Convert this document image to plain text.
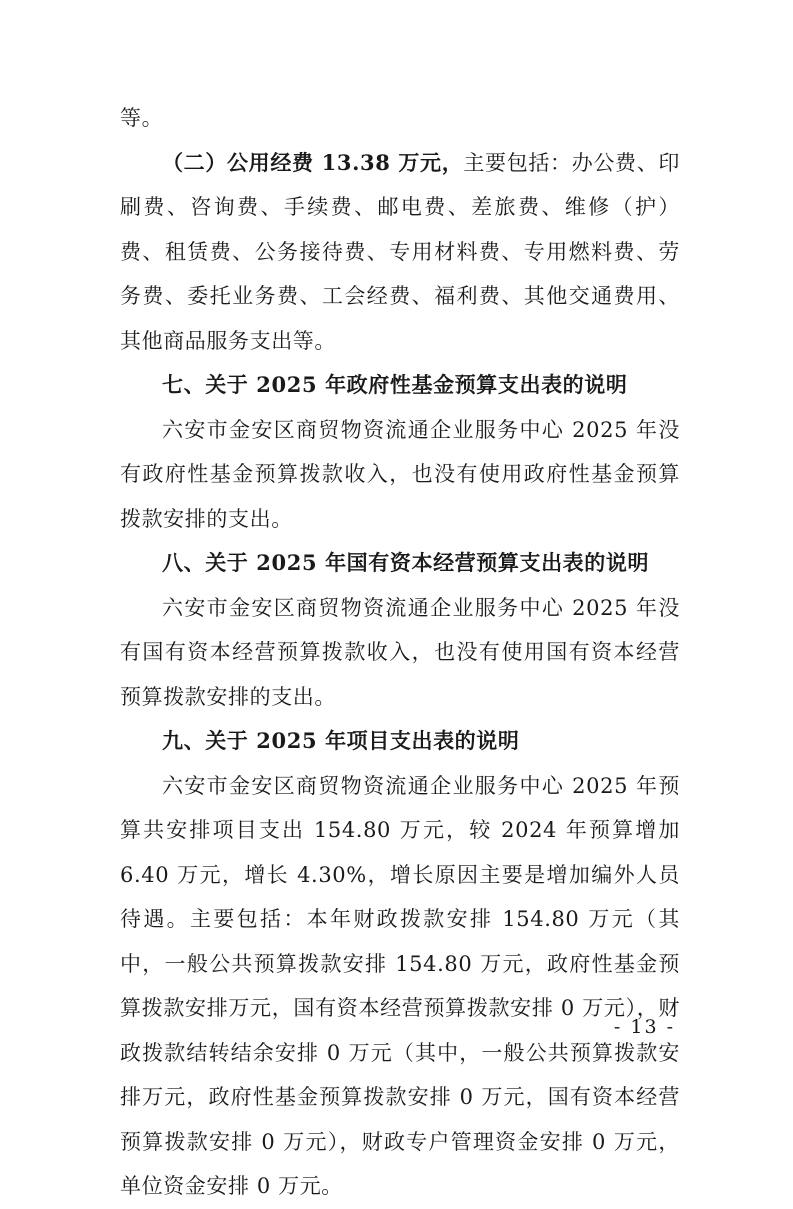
等。

（二）公用经费 13.38 万元，主要包括：办公费、印刷费、咨询费、手续费、邮电费、差旅费、维修（护）费、租赁费、公务接待费、专用材料费、专用燃料费、劳务费、委托业务费、工会经费、福利费、其他交通费用、其他商品服务支出等。

七、关于 2025 年政府性基金预算支出表的说明

六安市金安区商贸物资流通企业服务中心 2025 年没有政府性基金预算拨款收入，也没有使用政府性基金预算拨款安排的支出。

八、关于 2025 年国有资本经营预算支出表的说明

六安市金安区商贸物资流通企业服务中心 2025 年没有国有资本经营预算拨款收入，也没有使用国有资本经营预算拨款安排的支出。

九、关于 2025 年项目支出表的说明

六安市金安区商贸物资流通企业服务中心 2025 年预算共安排项目支出 154.80 万元，较 2024 年预算增加 6.40 万元，增长 4.30%，增长原因主要是增加编外人员待遇。主要包括：本年财政拨款安排 154.80 万元（其中，一般公共预算拨款安排 154.80 万元，政府性基金预算拨款安排万元，国有资本经营预算拨款安排 0 万元），财政拨款结转结余安排 0 万元（其中，一般公共预算拨款安排万元，政府性基金预算拨款安排 0 万元，国有资本经营预算拨款安排 0 万元），财政专户管理资金安排 0 万元，单位资金安排 0 万元。

- 13 -
